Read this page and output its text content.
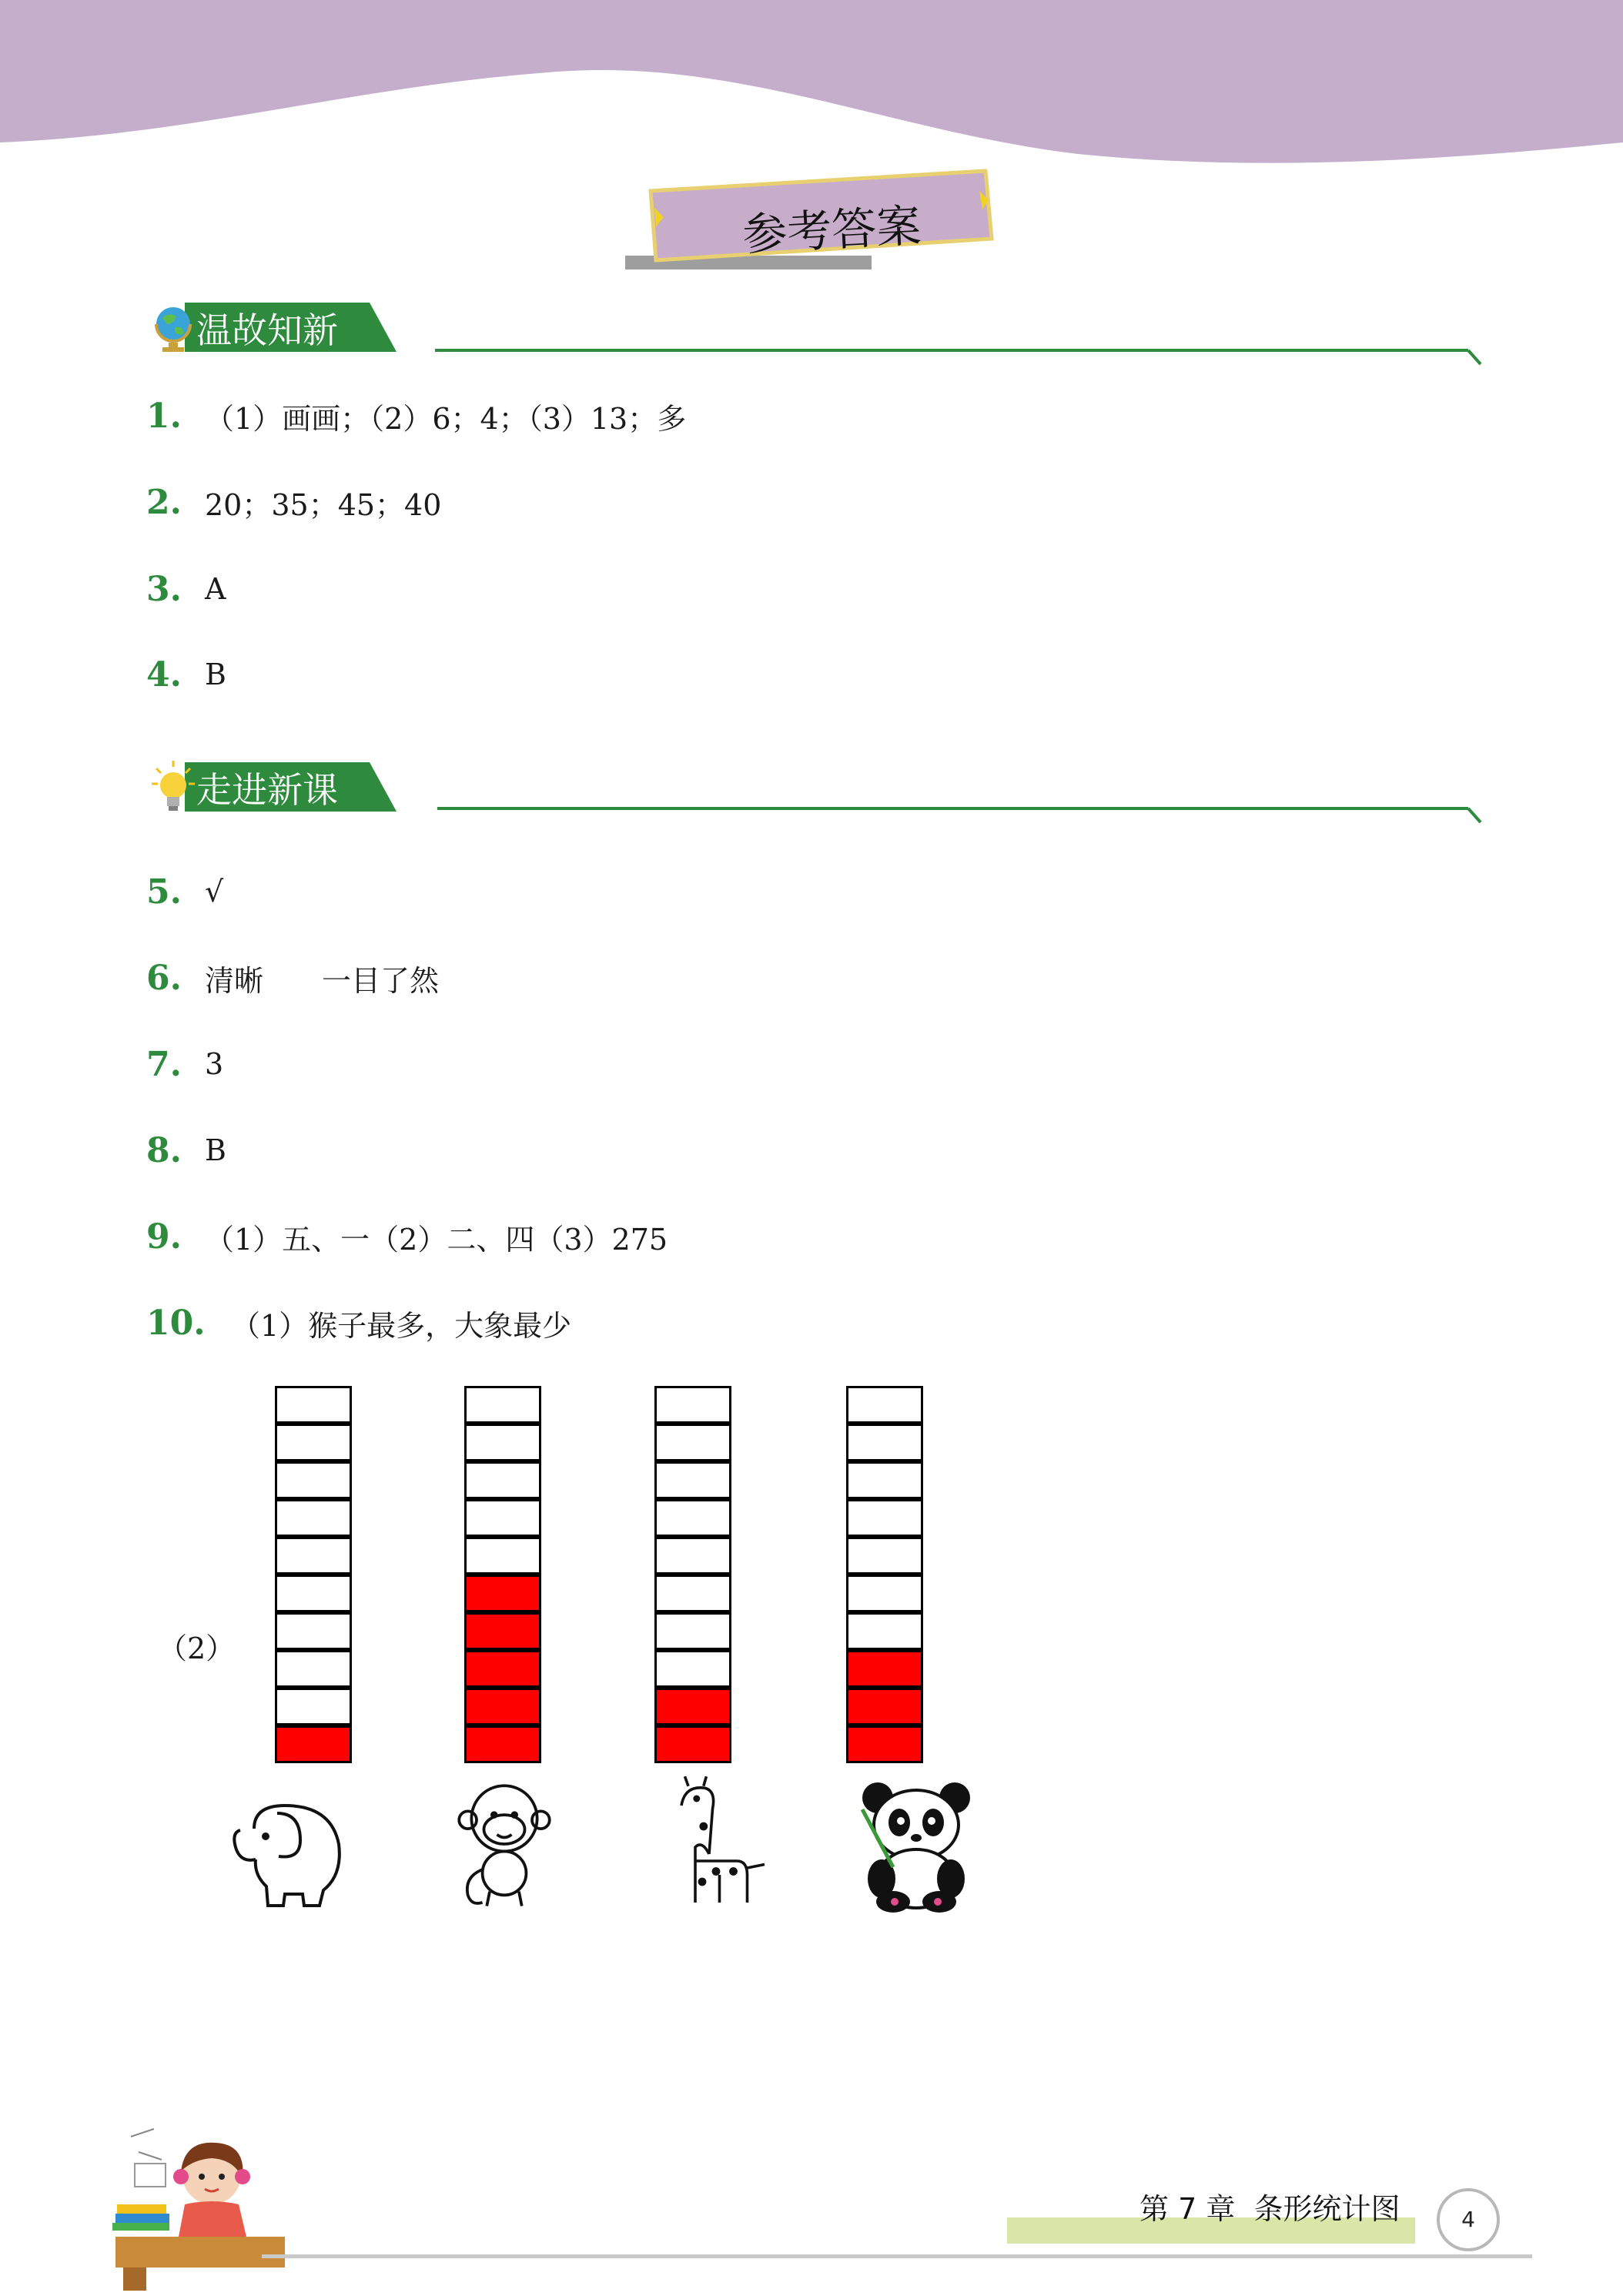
参考答案
温故知新
1. （1）画画；（2）6；4；（3）13；多
2. 20；35；45；40
3. A
4. B
走进新课
5. √
6. 清晰　　一目了然
7. 3
8. B
9. （1）五、一（2）二、四（3）275
10. （1）猴子最多，大象最少
（2）
第 7 章  条形统计图	4
